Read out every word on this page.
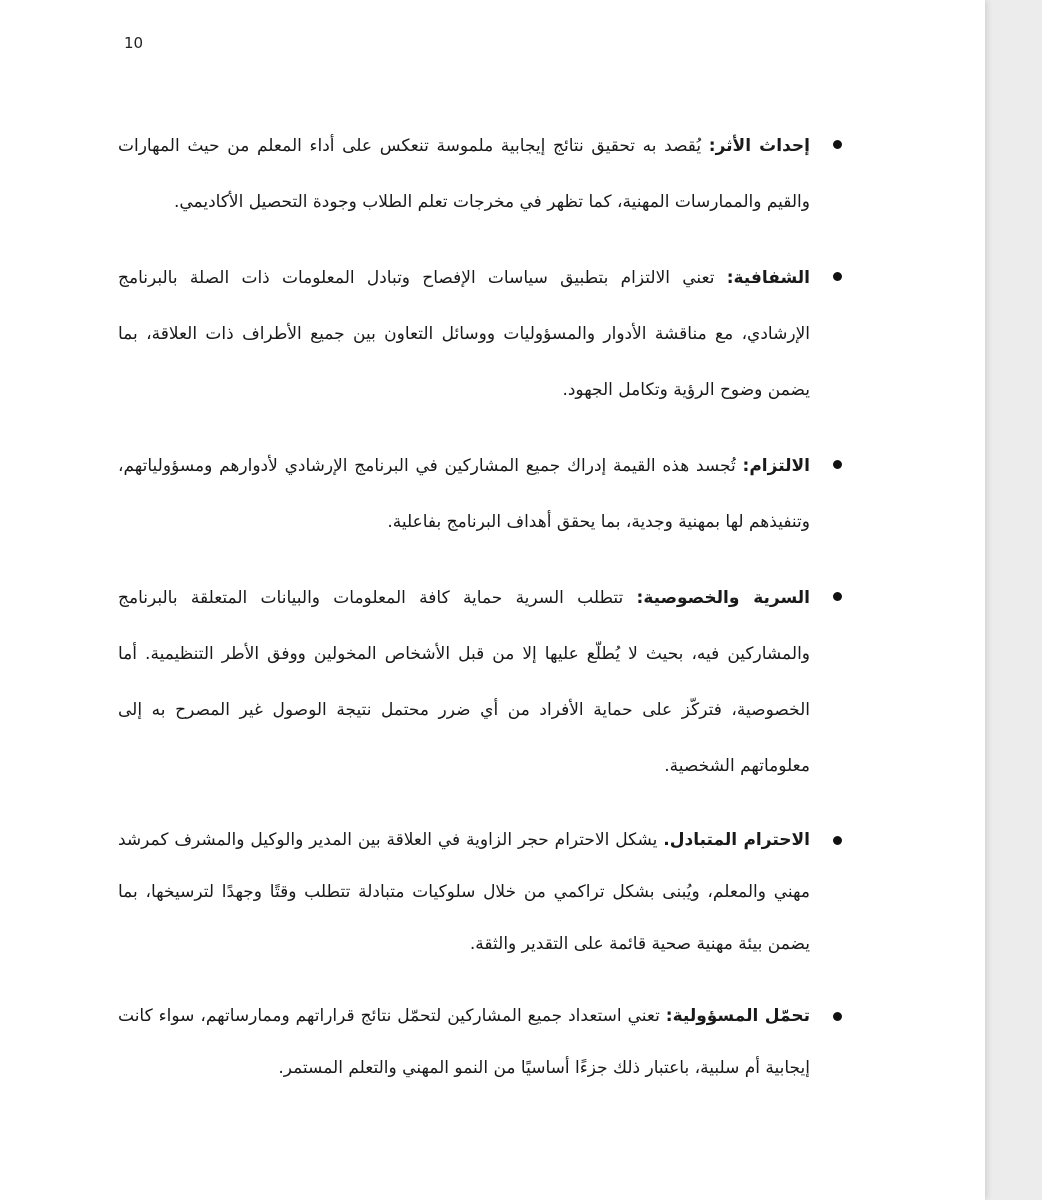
10
إحداث الأثر: يُقصد به تحقيق نتائج إيجابية ملموسة تنعكس على أداء المعلم من حيث المهارات والقيم والممارسات المهنية، كما تظهر في مخرجات تعلم الطلاب وجودة التحصيل الأكاديمي.
الشفافية: تعني الالتزام بتطبيق سياسات الإفصاح وتبادل المعلومات ذات الصلة بالبرنامج الإرشادي، مع مناقشة الأدوار والمسؤوليات ووسائل التعاون بين جميع الأطراف ذات العلاقة، بما يضمن وضوح الرؤية وتكامل الجهود.
الالتزام: تُجسد هذه القيمة إدراك جميع المشاركين في البرنامج الإرشادي لأدوارهم ومسؤولياتهم، وتنفيذهم لها بمهنية وجدية، بما يحقق أهداف البرنامج بفاعلية.
السرية والخصوصية: تتطلب السرية حماية كافة المعلومات والبيانات المتعلقة بالبرنامج والمشاركين فيه، بحيث لا يُطلّع عليها إلا من قبل الأشخاص المخولين ووفق الأطر التنظيمية. أما الخصوصية، فتركّز على حماية الأفراد من أي ضرر محتمل نتيجة الوصول غير المصرح به إلى معلوماتهم الشخصية.
الاحترام المتبادل. يشكل الاحترام حجر الزاوية في العلاقة بين المدير والوكيل والمشرف كمرشد مهني والمعلم، ويُبنى بشكل تراكمي من خلال سلوكيات متبادلة تتطلب وقتًا وجهدًا لترسيخها، بما يضمن بيئة مهنية صحية قائمة على التقدير والثقة.
تحمّل المسؤولية: تعني استعداد جميع المشاركين لتحمّل نتائج قراراتهم وممارساتهم، سواء كانت إيجابية أم سلبية، باعتبار ذلك جزءًا أساسيًا من النمو المهني والتعلم المستمر.
